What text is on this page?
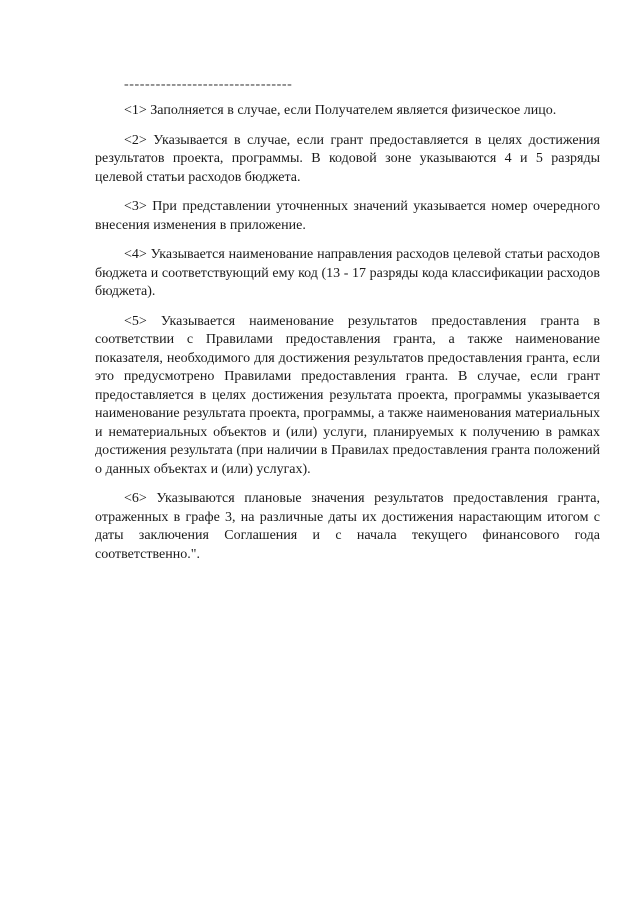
--------------------------------

<1> Заполняется в случае, если Получателем является физическое лицо.

<2> Указывается в случае, если грант предоставляется в целях достижения результатов проекта, программы. В кодовой зоне указываются 4 и 5 разряды целевой статьи расходов бюджета.

<3> При представлении уточненных значений указывается номер очередного внесения изменения в приложение.

<4> Указывается наименование направления расходов целевой статьи расходов бюджета и соответствующий ему код (13 - 17 разряды кода классификации расходов бюджета).

<5> Указывается наименование результатов предоставления гранта в соответствии с Правилами предоставления гранта, а также наименование показателя, необходимого для достижения результатов предоставления гранта, если это предусмотрено Правилами предоставления гранта. В случае, если грант предоставляется в целях достижения результата проекта, программы указывается наименование результата проекта, программы, а также наименования материальных и нематериальных объектов и (или) услуги, планируемых к получению в рамках достижения результата (при наличии в Правилах предоставления гранта положений о данных объектах и (или) услугах).

<6> Указываются плановые значения результатов предоставления гранта, отраженных в графе 3, на различные даты их достижения нарастающим итогом с даты заключения Соглашения и с начала текущего финансового года соответственно.".
